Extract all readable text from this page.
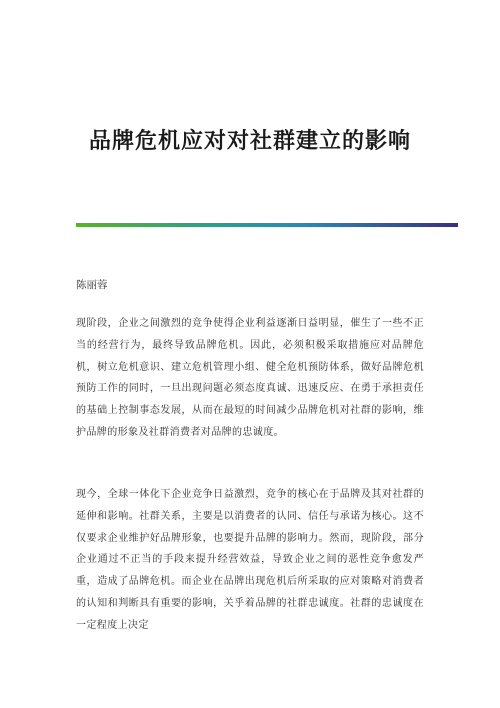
品牌危机应对对社群建立的影响
陈丽蓉

现阶段，企业之间激烈的竞争使得企业利益逐渐日益明显，催生了一些不正当的经营行为，最终导致品牌危机。因此，必须积极采取措施应对品牌危机，树立危机意识、建立危机管理小组、健全危机预防体系，做好品牌危机预防工作的同时，一旦出现问题必须态度真诚、迅速反应、在勇于承担责任的基础上控制事态发展，从而在最短的时间减少品牌危机对社群的影响，维护品牌的形象及社群消费者对品牌的忠诚度。

现今，全球一体化下企业竞争日益激烈，竞争的核心在于品牌及其对社群的延伸和影响。社群关系，主要是以消费者的认同、信任与承诺为核心。这不仅要求企业维护好品牌形象，也要提升品牌的影响力。然而，现阶段，部分企业通过不正当的手段来提升经营效益，导致企业之间的恶性竞争愈发严重，造成了品牌危机。而企业在品牌出现危机后所采取的应对策略对消费者的认知和判断具有重要的影响，关乎着品牌的社群忠诚度。社群的忠诚度在一定程度上决定
